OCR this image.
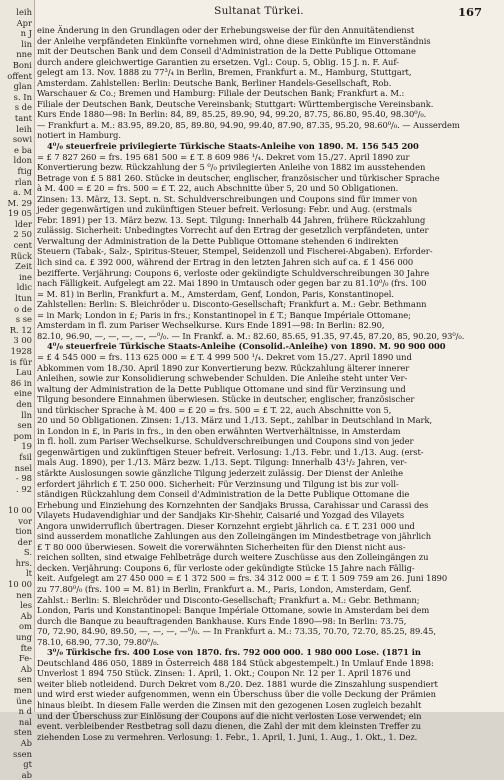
leih
Apr
n J
lin
nne
Boni
offent
glan
s. In
s de
tant
leih
sowi
e ba
ldon
ftig
rlan
a. M
M. 29
19 05
lder
2 50
cent
Rück
Zeit
ine
ldic
ltun
o de
s se
R. 12
3 00
1928
is für
Lau
86 in
eine
den
lln
sen
pom
19
fsil
nsel
- 98
. 92
10 00
vor
tion
der
S.
hrs.
lt
10 00
nen
les
Ab
om
ung
fte
Fe-
Ab
sen
men
üne
n d
nal
sten
Ab
ssen
gt
ab
Sultanat Türkei.	167
eine Änderung in den Grundlagen oder der Erhebungsweise der für den Annuitätendienst
der Anleihe verpfändeten Einkünfte vornehmen wird, ohne diese Einkünfte im Einverständnis
mit der Deutschen Bank und dem Conseil d'Administration de la Dette Publique Ottomane
durch andere gleichwertige Garantien zu ersetzen. Vgl.: Coup. 5, Oblig. 15 J. n. F. Auf-
gelegt am 13. Nov. 1888 zu 77³/₄ in Berlin, Bremen, Frankfurt a. M., Hamburg, Stuttgart,
Amsterdam. Zahlstellen: Berlin: Deutsche Bank, Berliner Handels-Gesellschaft, Rob.
Warschauer & Co.; Bremen und Hamburg: Filiale der Deutschen Bank; Frankfurt a. M.:
Filiale der Deutschen Bank, Deutsche Vereinsbank; Stuttgart: Württembergische Vereinsbank.
Kurs Ende 1880—98: In Berlin: 84, 89, 85.25, 89.90, 94, 99.20, 87.75, 86.80, 95.40, 98.30⁰/₀.
— Frankfurt a. M.: 83.95, 89.20, 85, 89.80, 94.90, 99.40, 87.90, 87.35, 95.20, 98.60⁰/₀. — Ausserdem
notiert in Hamburg.
4⁰/₀ steuerfreie privilegierte Türkische Staats-Anleihe von 1890. M. 156 545 200
= £ 7 827 260 = frs. 195 681 500 = £ T. 8 609 986 ¹/₄. Dekret vom 15./27. April 1890 zur
Konvertierung bezw. Rückzahlung der 5 ⁰/₀ privilegierten Anleihe von 1882 im ausstehenden
Betrage von £ 5 881 260. Stücke in deutscher, englischer, französischer und türkischer Sprache
à M. 400 = £ 20 = frs. 500 = £ T. 22, auch Abschnitte über 5, 20 und 50 Obligationen.
Zinsen: 13. März, 13. Sept. n. St. Schuldverschreibungen und Coupons sind für immer von
jeder gegenwärtigen und zukünftigen Steuer befreit. Verlosung: Febr. und Aug. (erstmals
Febr. 1891) per 13. März bezw. 13. Sept. Tilgung: Innerhalb 44 Jahren, frühere Rückzahlung
zulässig. Sicherheit: Unbedingtes Vorrecht auf den Ertrag der gesetzlich verpfändeten, unter
Verwaltung der Administration de la Dette Publique Ottomane stehenden 6 indirekten
Steuern (Tabak-, Salz-, Spiritus-Steuer, Stempel, Seidenzoll und Fischerei-Abgaben). Erforder-
lich sind ca. £ 392 000, während der Ertrag in den letzten Jahren sich auf ca. £ 1 456 000
bezifferte. Verjährung: Coupons 6, verloste oder gekündigte Schuldverschreibungen 30 Jahre
nach Fälligkeit. Aufgelegt am 22. Mai 1890 in Umtausch oder gegen bar zu 81.10⁰/₀ (frs. 100
= M. 81) in Berlin, Frankfurt a. M., Amsterdam, Genf, London, Paris, Konstantinopel.
Zahlstellen: Berlin: S. Bleichröder u. Disconto-Gesellschaft; Frankfurt a. M.: Gebr. Bethmann
= in Mark; London in £; Paris in frs.; Konstantinopel in £ T.; Banque Impériale Ottomane;
Amsterdam in fl. zum Pariser Wechselkurse. Kurs Ende 1891—98: In Berlin: 82.90,
82.10, 96.90, —, —, —, —, —⁰/₀. — In Frankf. a. M.: 82.60, 85.65, 91.35, 97.45, 87.20, 85, 90.20, 93⁰/₀.
4⁰/₀ steuerfreie Türkische Staats-Anleihe (Consolid.-Anleihe) von 1890. M. 90 900 000
= £ 4 545 000 = frs. 113 625 000 = £ T. 4 999 500 ¹/₄. Dekret vom 15./27. April 1890 und
Abkommen vom 18./30. April 1890 zur Konvertierung bezw. Rückzahlung älterer innerer
Anleihen, sowie zur Konsolidierung schwebender Schulden. Die Anleihe steht unter Ver-
waltung der Administration de la Dette Publique Ottomane und sind für Verzinsung und
Tilgung besondere Einnahmen überwiesen. Stücke in deutscher, englischer, französischer
und türkischer Sprache à M. 400 = £ 20 = frs. 500 = £ T. 22, auch Abschnitte von 5,
20 und 50 Obligationen. Zinsen: 1./13. März und 1./13. Sept., zahlbar in Deutschland in Mark,
in London in £, in Paris in frs., in den oben erwähnten Wertverhältnisse, in Amsterdam
in fl. holl. zum Pariser Wechselkurse. Schuldverschreibungen und Coupons sind von jeder
gegenwärtigen und zukünftigen Steuer befreit. Verlosung: 1./13. Febr. und 1./13. Aug. (erst-
mals Aug. 1890), per 1./13. März bezw. 1./13. Sept. Tilgung: Innerhalb 43¹/₂ Jahren, ver-
stärkte Auslosungen sowie gänzliche Tilgung jederzeit zulässig. Der Dienst der Anleihe
erfordert jährlich £ T. 250 000. Sicherheit: Für Verzinsung und Tilgung ist bis zur voll-
ständigen Rückzahlung dem Conseil d'Administration de la Dette Publique Ottomane die
Erhebung und Einziehung des Kornzehnten der Sandjaks Brussa, Carahissar und Carassi des
Vilayets Hudavendighiar und der Sandjaks Kir-Shehir, Caisarié und Yozgad des Vilayets
Angora unwiderruflich übertragen. Dieser Kornzehnt ergiebt jährlich ca. £ T. 231 000 und
sind ausserdem monatliche Zahlungen aus den Zolleingängen im Mindestbetrage von jährlich
£ T 80 000 überwiesen. Soweit die vorerwähnten Sicherheiten für den Dienst nicht aus-
reichen sollten, sind etwaige Fehlbeträge durch weitere Zuschüsse aus den Zolleingängen zu
decken. Verjährung: Coupons 6, für verloste oder gekündigte Stücke 15 Jahre nach Fällig-
keit. Aufgelegt am 27 450 000 = £ 1 372 500 = frs. 34 312 000 = £ T. 1 509 759 am 26. Juni 1890
zu 77.80⁰/₀ (frs. 100 = M. 81) in Berlin, Frankfurt a. M., Paris, London, Amsterdam, Genf.
Zahlst.: Berlin: S. Bleichröder und Disconto-Gesellschaft; Frankfurt a. M.: Gebr. Bethmann;
London, Paris und Konstantinopel: Banque Impériale Ottomane, sowie in Amsterdam bei dem
durch die Banque zu beauftragenden Bankhause. Kurs Ende 1890—98: In Berlin: 73.75,
70, 72.90, 84.90, 89.50, —, —, —, —⁰/₀. — In Frankfurt a. M.: 73.35, 70.70, 72.70, 85.25, 89.45,
78.10, 68.90, 77.30, 79.80⁰/₀.
3⁰/₀ Türkische frs. 400 Lose von 1870. frs. 792 000 000. 1 980 000 Lose. (1871 in
Deutschland 486 050, 1889 in Österreich 488 184 Stück abgestempelt.) In Umlauf Ende 1898:
Unverlost 1 894 750 Stück. Zinsen: 1. April, 1. Okt.; Coupon Nr. 12 per 1. April 1876 und
weiter blieb notleidend. Durch Dekret vom 8./20. Dez. 1881 wurde die Zinszahlung suspendiert
und wird erst wieder aufgenommen, wenn ein Überschuss über die volle Deckung der Prämien
hinaus bleibt. In diesem Falle werden die Zinsen mit den gezogenen Losen zugleich bezahlt
und der Überschuss zur Einlösung der Coupons auf die nicht verlosten Lose verwendet; ein
event. verbleibender Restbetrag soll dazu dienen, die Zahl der mit dem kleinsten Treffer zu
ziehenden Lose zu vermehren. Verlosung: 1. Febr., 1. April, 1. Juni, 1. Aug., 1. Okt., 1. Dez.
